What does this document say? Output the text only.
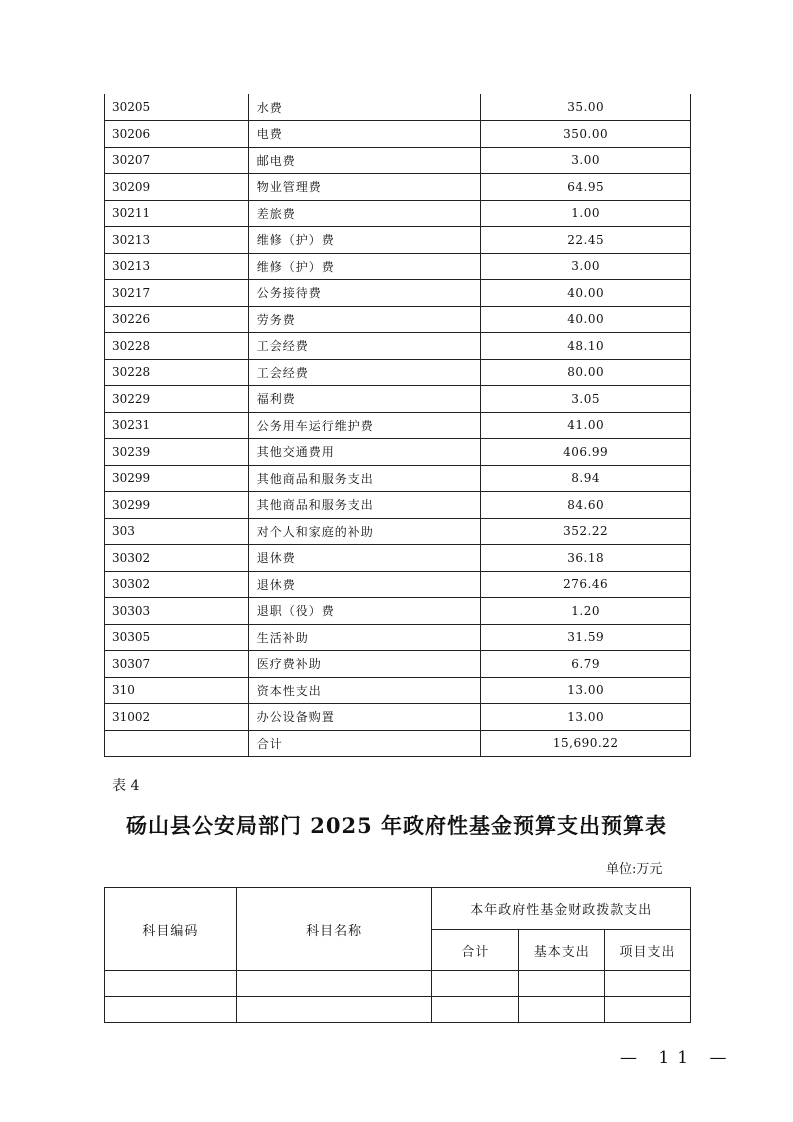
30205	水费	35.00
30206	电费	350.00
30207	邮电费	3.00
30209	物业管理费	64.95
30211	差旅费	1.00
30213	维修（护）费	22.45
30213	维修（护）费	3.00
30217	公务接待费	40.00
30226	劳务费	40.00
30228	工会经费	48.10
30228	工会经费	80.00
30229	福利费	3.05
30231	公务用车运行维护费	41.00
30239	其他交通费用	406.99
30299	其他商品和服务支出	8.94
30299	其他商品和服务支出	84.60
303	对个人和家庭的补助	352.22
30302	退休费	36.18
30302	退休费	276.46
30303	退职（役）费	1.20
30305	生活补助	31.59
30307	医疗费补助	6.79
310	资本性支出	13.00
31002	办公设备购置	13.00
	合计	15,690.22
表 4
砀山县公安局部门 2025 年政府性基金预算支出预算表
单位:万元
科目编码	科目名称	本年政府性基金财政拨款支出		
		合计	基本支出	项目支出

— 11 —
